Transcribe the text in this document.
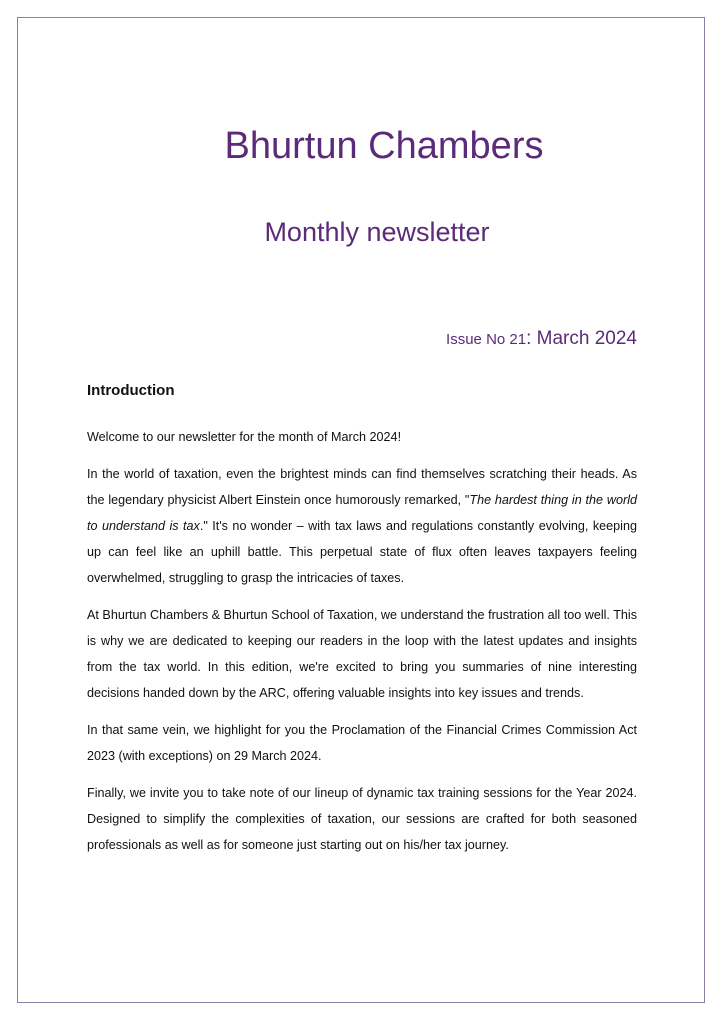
Bhurtun Chambers
Monthly newsletter
Issue No 21: March 2024
Introduction

Welcome to our newsletter for the month of March 2024!

In the world of taxation, even the brightest minds can find themselves scratching their heads. As the legendary physicist Albert Einstein once humorously remarked, "The hardest thing in the world to understand is tax." It's no wonder – with tax laws and regulations constantly evolving, keeping up can feel like an uphill battle. This perpetual state of flux often leaves taxpayers feeling overwhelmed, struggling to grasp the intricacies of taxes.

At Bhurtun Chambers & Bhurtun School of Taxation, we understand the frustration all too well. This is why we are dedicated to keeping our readers in the loop with the latest updates and insights from the tax world. In this edition, we're excited to bring you summaries of nine interesting decisions handed down by the ARC, offering valuable insights into key issues and trends.

In that same vein, we highlight for you the Proclamation of the Financial Crimes Commission Act 2023 (with exceptions) on 29 March 2024.

Finally, we invite you to take note of our lineup of dynamic tax training sessions for the Year 2024. Designed to simplify the complexities of taxation, our sessions are crafted for both seasoned professionals as well as for someone just starting out on his/her tax journey.
